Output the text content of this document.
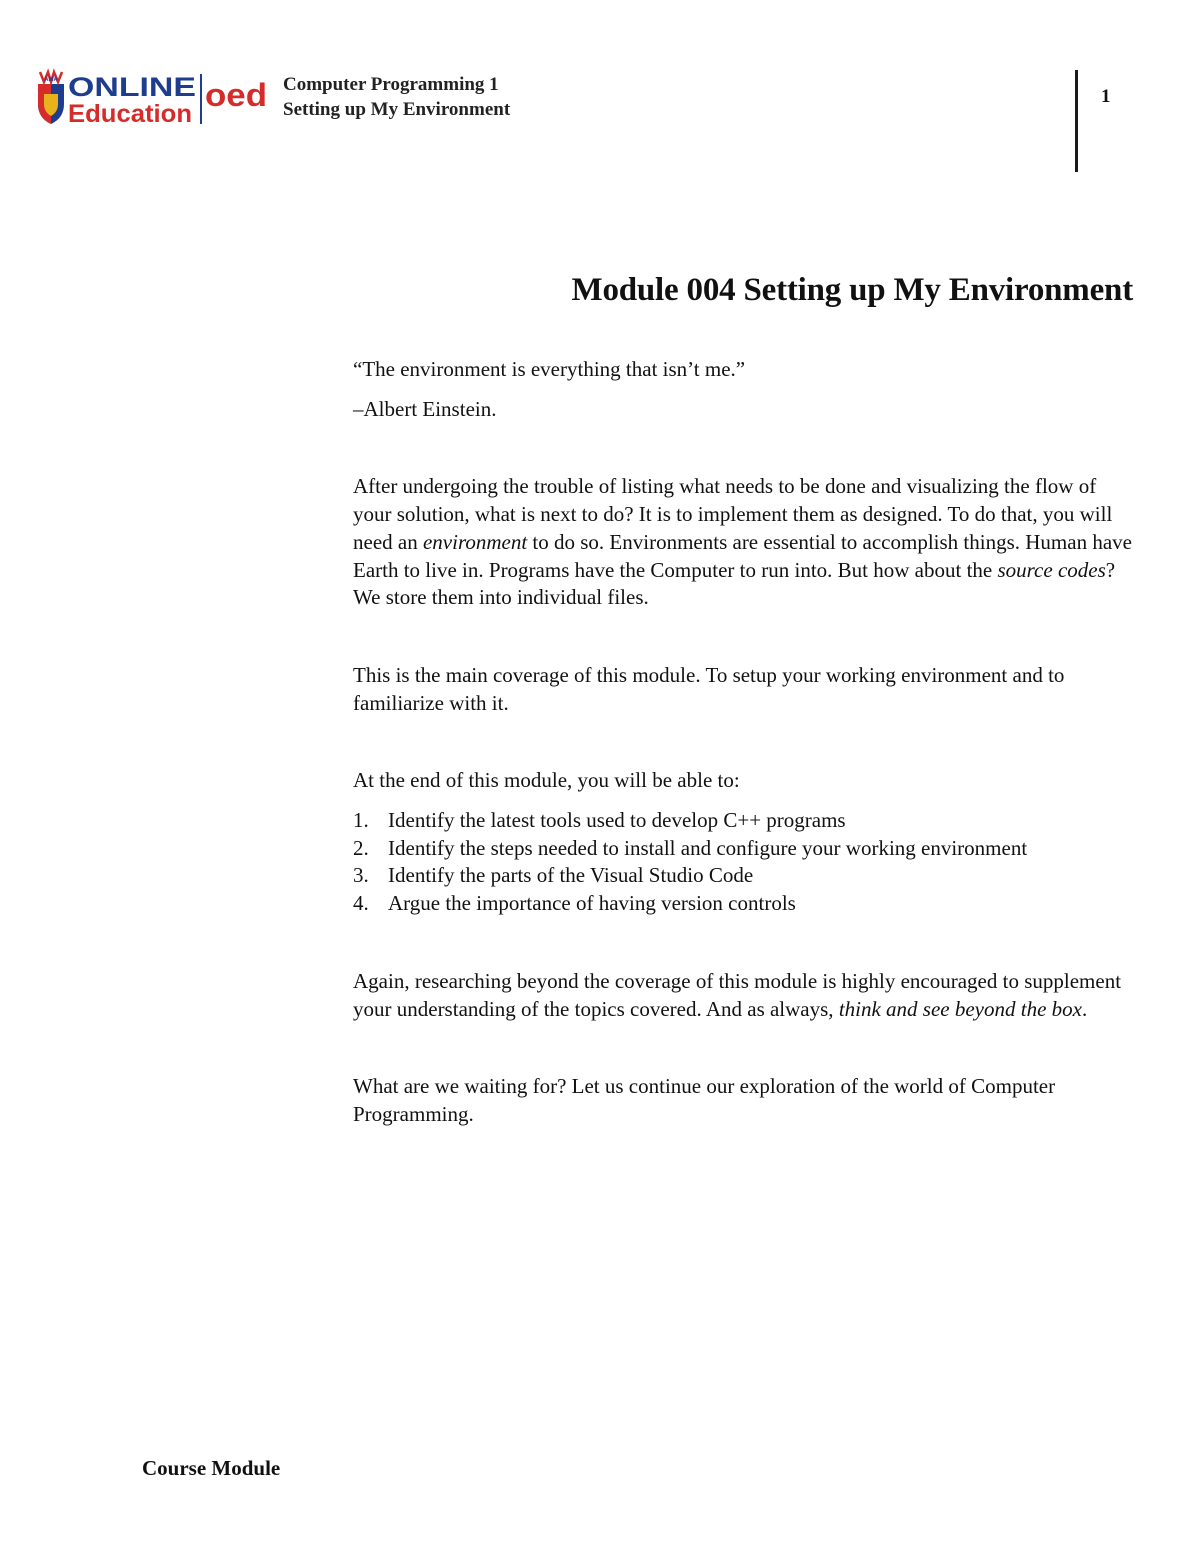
AMA ONLINE
Education
oed Computer Programming 1
Setting up My Environment
1
Module 004 Setting up My Environment

“The environment is everything that isn’t me.”

–Albert Einstein.

After undergoing the trouble of listing what needs to be done and visualizing the flow of your solution, what is next to do? It is to implement them as designed. To do that, you will need an environment to do so. Environments are essential to accomplish things. Human have Earth to live in. Programs have the Computer to run into. But how about the source codes? We store them into individual files.

This is the main coverage of this module. To setup your working environment and to familiarize with it.

At the end of this module, you will be able to:

1. Identify the latest tools used to develop C++ programs
2. Identify the steps needed to install and configure your working environment
3. Identify the parts of the Visual Studio Code
4. Argue the importance of having version controls

Again, researching beyond the coverage of this module is highly encouraged to supplement your understanding of the topics covered. And as always, think and see beyond the box.

What are we waiting for? Let us continue our exploration of the world of Computer Programming.

Course Module
